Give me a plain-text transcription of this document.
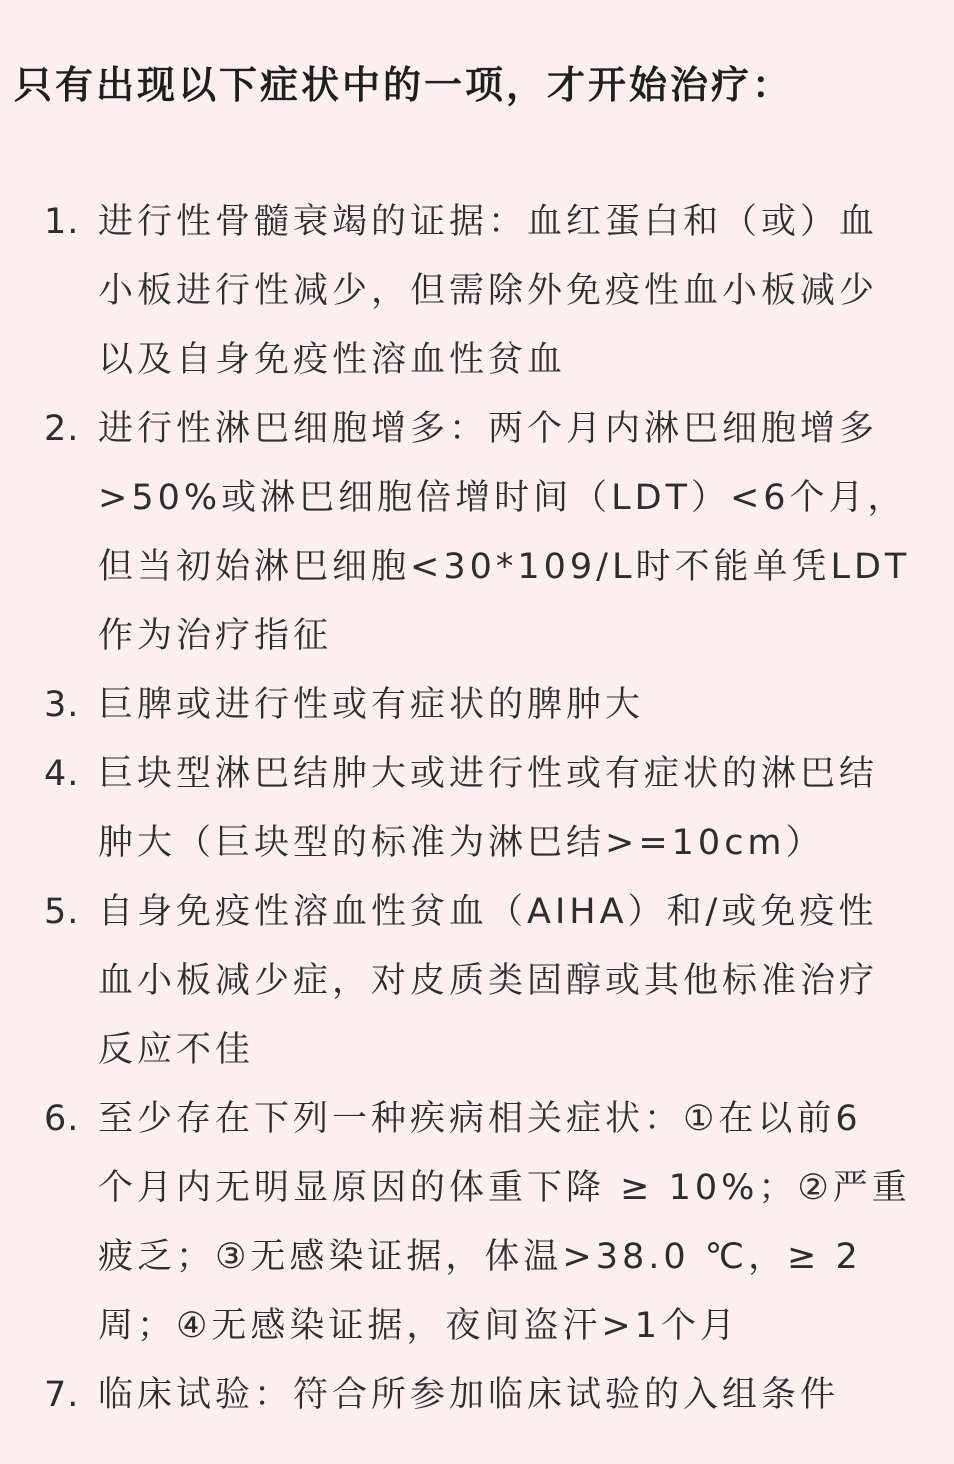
只有出现以下症状中的一项，才开始治疗：
1. 进行性骨髓衰竭的证据：血红蛋白和（或）血小板进行性减少，但需除外免疫性血小板减少以及自身免疫性溶血性贫血
2. 进行性淋巴细胞增多：两个月内淋巴细胞增多>50%或淋巴细胞倍增时间（LDT）<6个月，但当初始淋巴细胞<30*109/L时不能单凭LDT作为治疗指征
3. 巨脾或进行性或有症状的脾肿大
4. 巨块型淋巴结肿大或进行性或有症状的淋巴结肿大（巨块型的标准为淋巴结>=10cm）
5. 自身免疫性溶血性贫血（AIHA）和/或免疫性血小板减少症，对皮质类固醇或其他标准治疗反应不佳
6. 至少存在下列一种疾病相关症状：①在以前6 个月内无明显原因的体重下降 ≥ 10%；②严重疲乏；③无感染证据，体温>38.0 ℃，≥ 2 周；④无感染证据，夜间盗汗>1个月
7. 临床试验：符合所参加临床试验的入组条件
